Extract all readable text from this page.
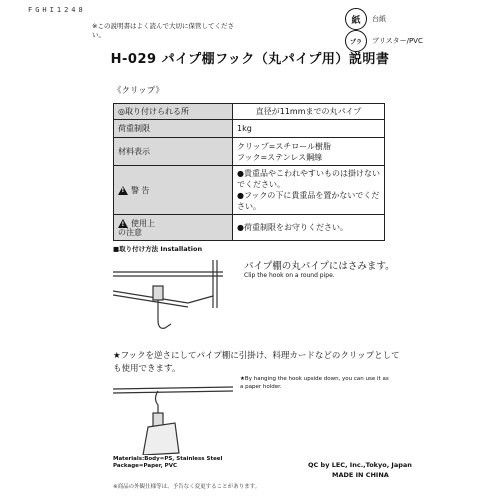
FGHI1248
※この説明書はよく読んで大切に保管してください。
紙	台紙
プラ	ブリスター/PVC
H-029 パイプ棚フック（丸パイプ用）説明書
《クリップ》
◎取り付けられる所	直径が11mmまでの丸パイプ
荷重制限	1kg
材料表示	クリップ=スチロール樹脂
フック=ステンレス鋼線
!警 告	●貴重品やこわれやすいものは掛けないでください。
●フックの下に貴重品を置かないでください。
!使用上
の注意	●荷重制限をお守りください。
■取り付け方法 Installation
パイプ棚の丸パイプにはさみます。
Clip the hook on a round pipe.
★フックを逆さにしてパイプ棚に引掛け、料理カードなどのクリップとしても使用できます。
★By hanging the hook upside down, you can use it as a paper holder.
Materials:Body=PS, Stainless Steel
Package=Paper, PVC	QC by LEC, Inc.,Tokyo, Japan
MADE IN CHINA
※商品の外観仕様等は、予告なく変更することがあります。
